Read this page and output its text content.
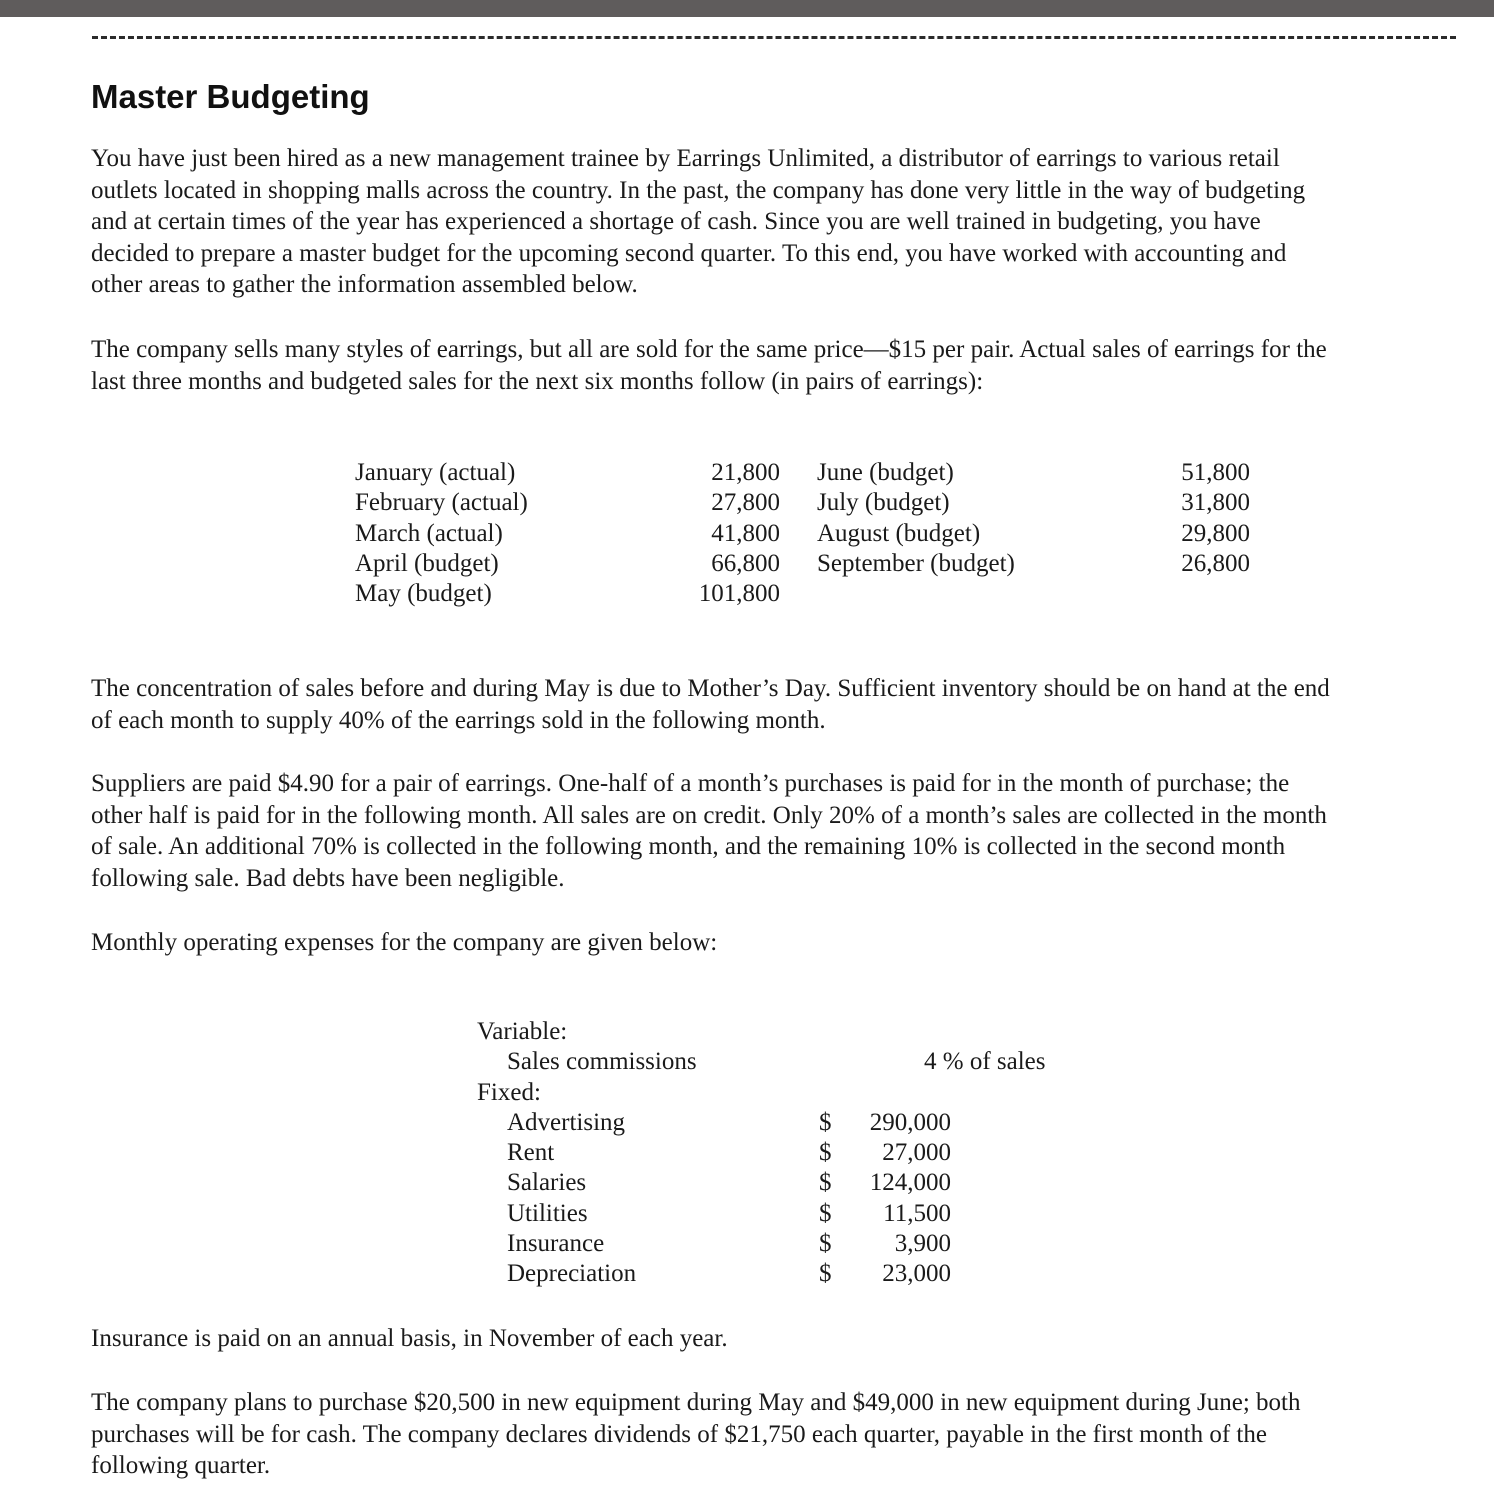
Master Budgeting
You have just been hired as a new management trainee by Earrings Unlimited, a distributor of earrings to various retail
outlets located in shopping malls across the country. In the past, the company has done very little in the way of budgeting
and at certain times of the year has experienced a shortage of cash. Since you are well trained in budgeting, you have
decided to prepare a master budget for the upcoming second quarter. To this end, you have worked with accounting and
other areas to gather the information assembled below.
The company sells many styles of earrings, but all are sold for the same price—$15 per pair. Actual sales of earrings for the
last three months and budgeted sales for the next six months follow (in pairs of earrings):
January (actual)	21,800 June (budget)	51,800
February (actual)	27,800 July (budget)	31,800
March (actual)	41,800 August (budget)	29,800
April (budget)	66,800 September (budget)	26,800
May (budget)	101,800
The concentration of sales before and during May is due to Mother’s Day. Sufficient inventory should be on hand at the end
of each month to supply 40% of the earrings sold in the following month.
Suppliers are paid $4.90 for a pair of earrings. One-half of a month’s purchases is paid for in the month of purchase; the
other half is paid for in the following month. All sales are on credit. Only 20% of a month’s sales are collected in the month
of sale. An additional 70% is collected in the following month, and the remaining 10% is collected in the second month
following sale. Bad debts have been negligible.
Monthly operating expenses for the company are given below:
Variable:
Sales commissions	4 % of sales
Fixed:
Advertising	$ 290,000
Rent	$ 27,000
Salaries	$ 124,000
Utilities	$ 11,500
Insurance	$	3,900
Depreciation	$ 23,000
Insurance is paid on an annual basis, in November of each year.
The company plans to purchase $20,500 in new equipment during May and $49,000 in new equipment during June; both
purchases will be for cash. The company declares dividends of $21,750 each quarter, payable in the first month of the
following quarter.
